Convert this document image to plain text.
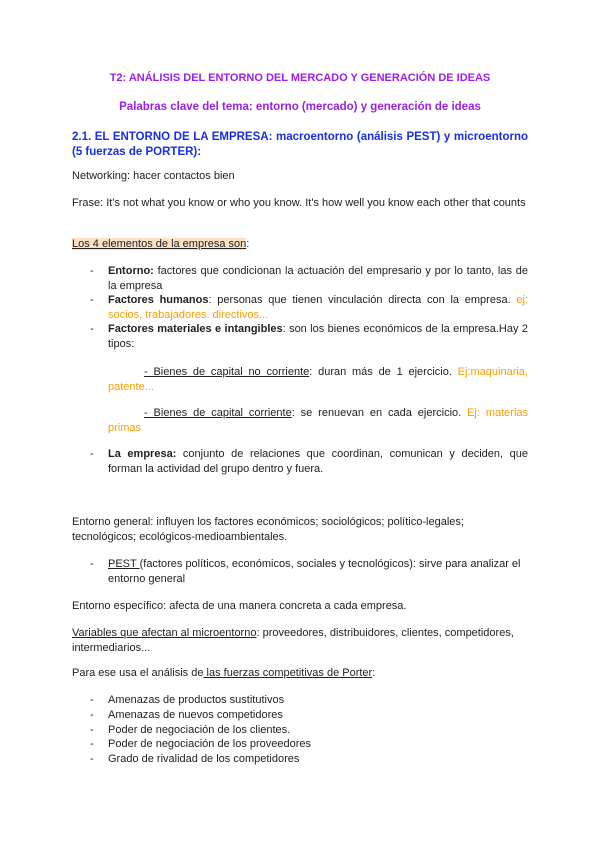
T2: ANÁLISIS DEL ENTORNO DEL MERCADO Y GENERACIÓN DE IDEAS
Palabras clave del tema: entorno (mercado) y generación de ideas
2.1. EL ENTORNO DE LA EMPRESA: macroentorno (análisis PEST) y microentorno (5 fuerzas de PORTER):
Networking: hacer contactos bien
Frase: It's not what you know or who you know. It's how well you know each other that counts
Los 4 elementos de la empresa son:
- Entorno: factores que condicionan la actuación del empresario y por lo tanto, las de la empresa
- Factores humanos: personas que tienen vinculación directa con la empresa. ej: socios, trabajadores. directivos...
- Factores materiales e intangibles: son los bienes económicos de la empresa.Hay 2 tipos:
- Bienes de capital no corriente: duran más de 1 ejercicio. Ej:maquinaria, patente...
- Bienes de capital corriente: se renuevan en cada ejercicio. Ej: materias primas
- La empresa: conjunto de relaciones que coordinan, comunican y deciden, que forman la actividad del grupo dentro y fuera.
Entorno general: influyen los factores económicos; sociológicos; político-legales; tecnológicos; ecológicos-medioambientales.
- PEST (factores políticos, económicos, sociales y tecnológicos): sirve para analizar el entorno general
Entorno específico: afecta de una manera concreta a cada empresa.
Variables que afectan al microentorno: proveedores, distribuidores, clientes, competidores, intermediarios...
Para ese usa el análisis de las fuerzas competitivas de Porter:
- Amenazas de productos sustitutivos
- Amenazas de nuevos competidores
- Poder de negociación de los clientes.
- Poder de negociación de los proveedores
- Grado de rivalidad de los competidores
